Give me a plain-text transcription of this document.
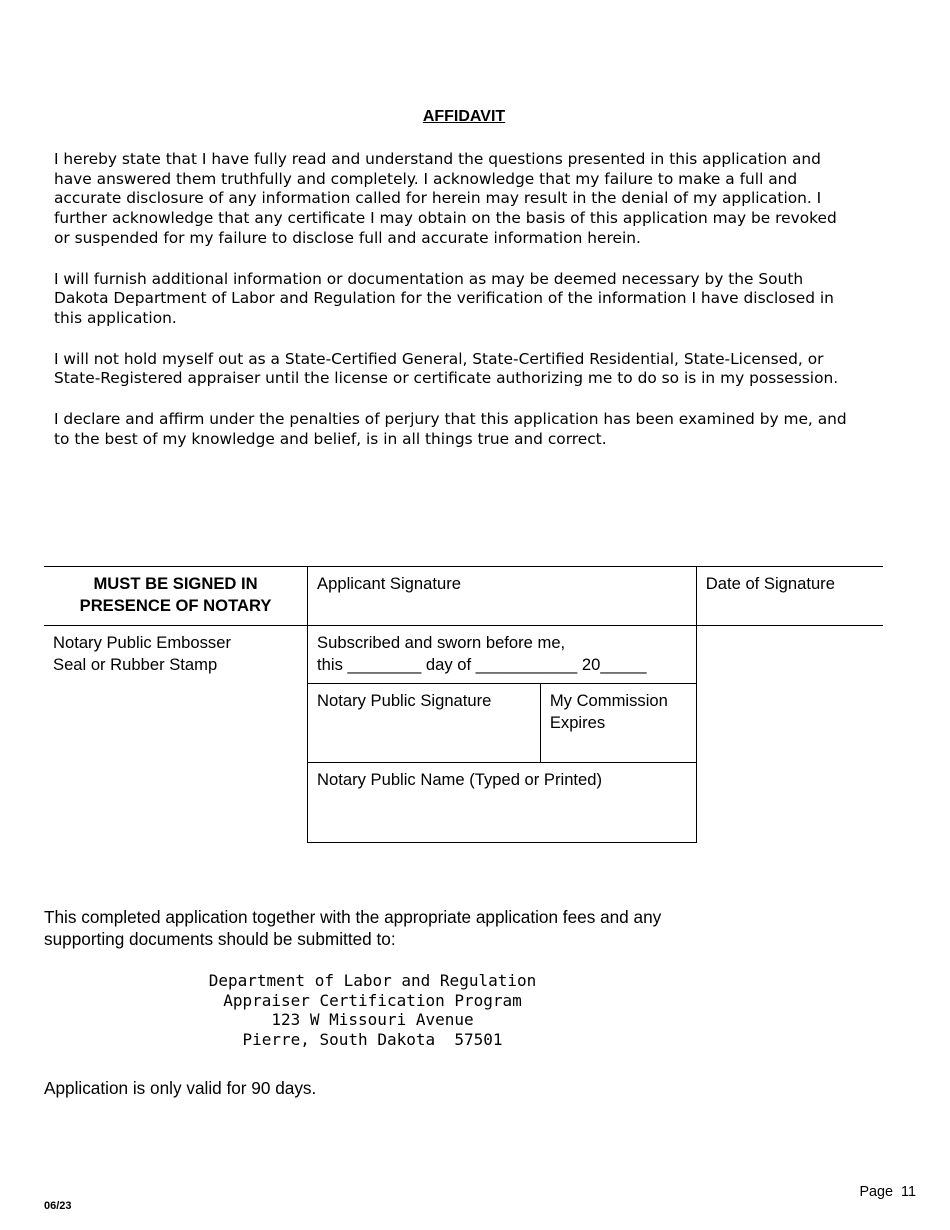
AFFIDAVIT

I hereby state that I have fully read and understand the questions presented in this application and have answered them truthfully and completely. I acknowledge that my failure to make a full and accurate disclosure of any information called for herein may result in the denial of my application. I further acknowledge that any certificate I may obtain on the basis of this application may be revoked or suspended for my failure to disclose full and accurate information herein.

I will furnish additional information or documentation as may be deemed necessary by the South Dakota Department of Labor and Regulation for the verification of the information I have disclosed in this application.

I will not hold myself out as a State-Certified General, State-Certified Residential, State-Licensed, or State-Registered appraiser until the license or certificate authorizing me to do so is in my possession.

I declare and affirm under the penalties of perjury that this application has been examined by me, and to the best of my knowledge and belief, is in all things true and correct.

MUST BE SIGNED IN
PRESENCE OF NOTARY	Applicant Signature		Date of Signature
Notary Public Embosser
Seal or Rubber Stamp	Subscribed and sworn before me,
this ________ day of ___________ 20_____		
	Notary Public Signature	My Commission
Expires	
	Notary Public Name (Typed or Printed)		
This completed application together with the appropriate application fees and any
supporting documents should be submitted to:
Department of Labor and Regulation
Appraiser Certification Program
123 W Missouri Avenue
Pierre, South Dakota  57501
Application is only valid for 90 days.
Page  11
06/23
